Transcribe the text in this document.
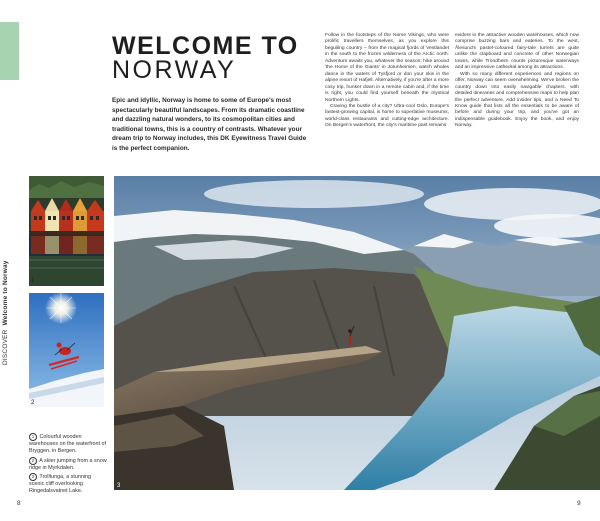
DISCOVER  Welcome to Norway
WELCOME TO
NORWAY
Epic and idyllic, Norway is home to some of Europe's most spectacularly beautiful landscapes. From its dramatic coastline and dazzling natural wonders, to its cosmopolitan cities and traditional towns, this is a country of contrasts. Whatever your dream trip to Norway includes, this DK Eyewitness Travel Guide is the perfect companion.

Follow in the footsteps of the Norse Vikings, who were prolific travellers themselves, as you explore this beguiling country – from the magical fjords of Vestlandet in the south to the frozen wilderness of the Arctic north. Adventure awaits you, whatever the season; hike around 'the Home of the Giants' in Jotunheimen, watch whales dance in the waters of Tysfjord or don your skis in the alpine resort of Hafjell. Alternatively, if you're after a more cosy trip, hunker down in a remote cabin and, if the time is right, you could find yourself beneath the mystical Northern Lights.

Craving the bustle of a city? Ultra-cool Oslo, Europe's fastest-growing capital, is home to superlative museums, world-class restaurants and cutting-edge architecture. On Bergen's waterfront, the city's maritime past remains

evident in the attractive wooden warehouses, which now comprise buzzing bars and eateries. To the west, Ålesund's pastel-coloured fairy-tale turrets are quite unlike the clapboard and concrete of other Norwegian towns, while Trondheim counts picturesque waterways and an impressive cathedral among its attractions.

With so many different experiences and regions on offer, Norway can seem overwhelming. We've broken the country down into easily navigable chapters, with detailed itineraries and comprehensive maps to help plan the perfect adventure. Add insider tips, and a Need To Know guide that lists all the essentials to be aware of before and during your trip, and you've got an indispensable guidebook. Enjoy the book, and enjoy Norway.

1
2
3
1 Colourful wooden warehouses on the waterfront of Bryggen, in Bergen.
2 A skier jumping from a snow ridge in Myrkdalen.
3 Trolltunga, a stunning scenic cliff overlooking Ringedalsvatnet Lake.
8	9
